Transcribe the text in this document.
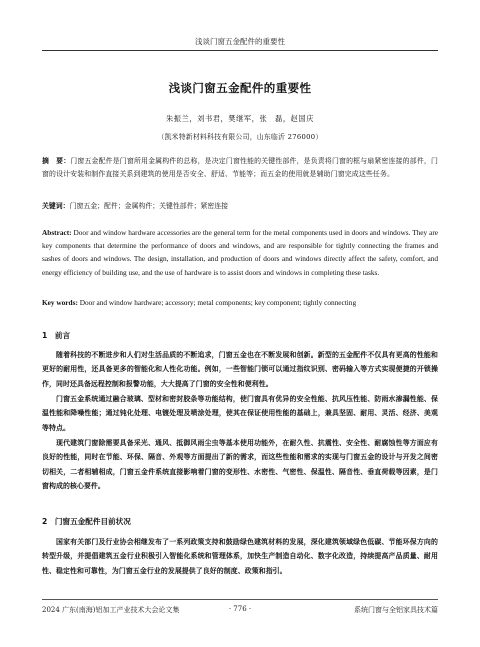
浅谈门窗五金配件的重要性
浅谈门窗五金配件的重要性
朱振兰，刘书君，樊继军，张　磊，赵国庆
（凯米特新材料科技有限公司，山东临沂 276000）
摘　要：门窗五金配件是门窗所用金属构件的总称，是决定门窗性能的关键性部件，是负责将门窗的框与扇紧密连接的部件，门窗的设计安装和制作直接关系到建筑的使用是否安全、舒适、节能等；而五金的使用就是辅助门窗完成这些任务。
关键词：门窗五金；配件；金属构件；关键性部件；紧密连接
Abstract: Door and window hardware accessories are the general term for the metal components used in doors and windows. They are key components that determine the performance of doors and windows, and are responsible for tightly connecting the frames and sashes of doors and windows. The design, installation, and production of doors and windows directly affect the safety, comfort, and energy efficiency of building use, and the use of hardware is to assist doors and windows in completing these tasks.
Key words: Door and window hardware; accessory; metal components; key component; tightly connecting
1　前言
随着科技的不断进步和人们对生活品质的不断追求，门窗五金也在不断发展和创新。新型的五金配件不仅具有更高的性能和更好的耐用性，还具备更多的智能化和人性化功能。例如，一些智能门锁可以通过指纹识别、密码输入等方式实现便捷的开锁操作，同时还具备远程控制和报警功能，大大提高了门窗的安全性和便利性。
门窗五金系统通过融合玻璃、型材和密封胶条等功能结构，使门窗具有优异的安全性能、抗风压性能、防雨水渗漏性能、保温性能和降噪性能；通过钝化处理、电镀处理及喷涂处理，使其在保证使用性能的基础上，兼具坚固、耐用、灵活、经济、美观等特点。
现代建筑门窗除需要具备采光、通风、抵御风雨尘虫等基本使用功能外，在耐久性、抗震性、安全性、耐腐蚀性等方面应有良好的性能，同时在节能、环保、隔音、外观等方面提出了新的需求，而这些性能和需求的实现与门窗五金的设计与开发之间密切相关，二者相辅相成，门窗五金件系统直接影响着门窗的变形性、水密性、气密性、保温性、隔音性、垂直荷载等因素，是门窗构成的核心要件。
2　门窗五金配件目前状况
国家有关部门及行业协会相继发布了一系列政策支持和鼓励绿色建筑材料的发展，深化建筑领域绿色低碳、节能环保方向的转型升级，并提倡建筑五金行业积极引入智能化系统和管理体系，加快生产制造自动化、数字化改造，持续提高产品质量、耐用性、稳定性和可靠性，为门窗五金行业的发展提供了良好的制度、政策和指引。
2024 广东(南海)铝加工产业技术大会论文集	· 776 ·	系统门窗与全铝家具技术篇
